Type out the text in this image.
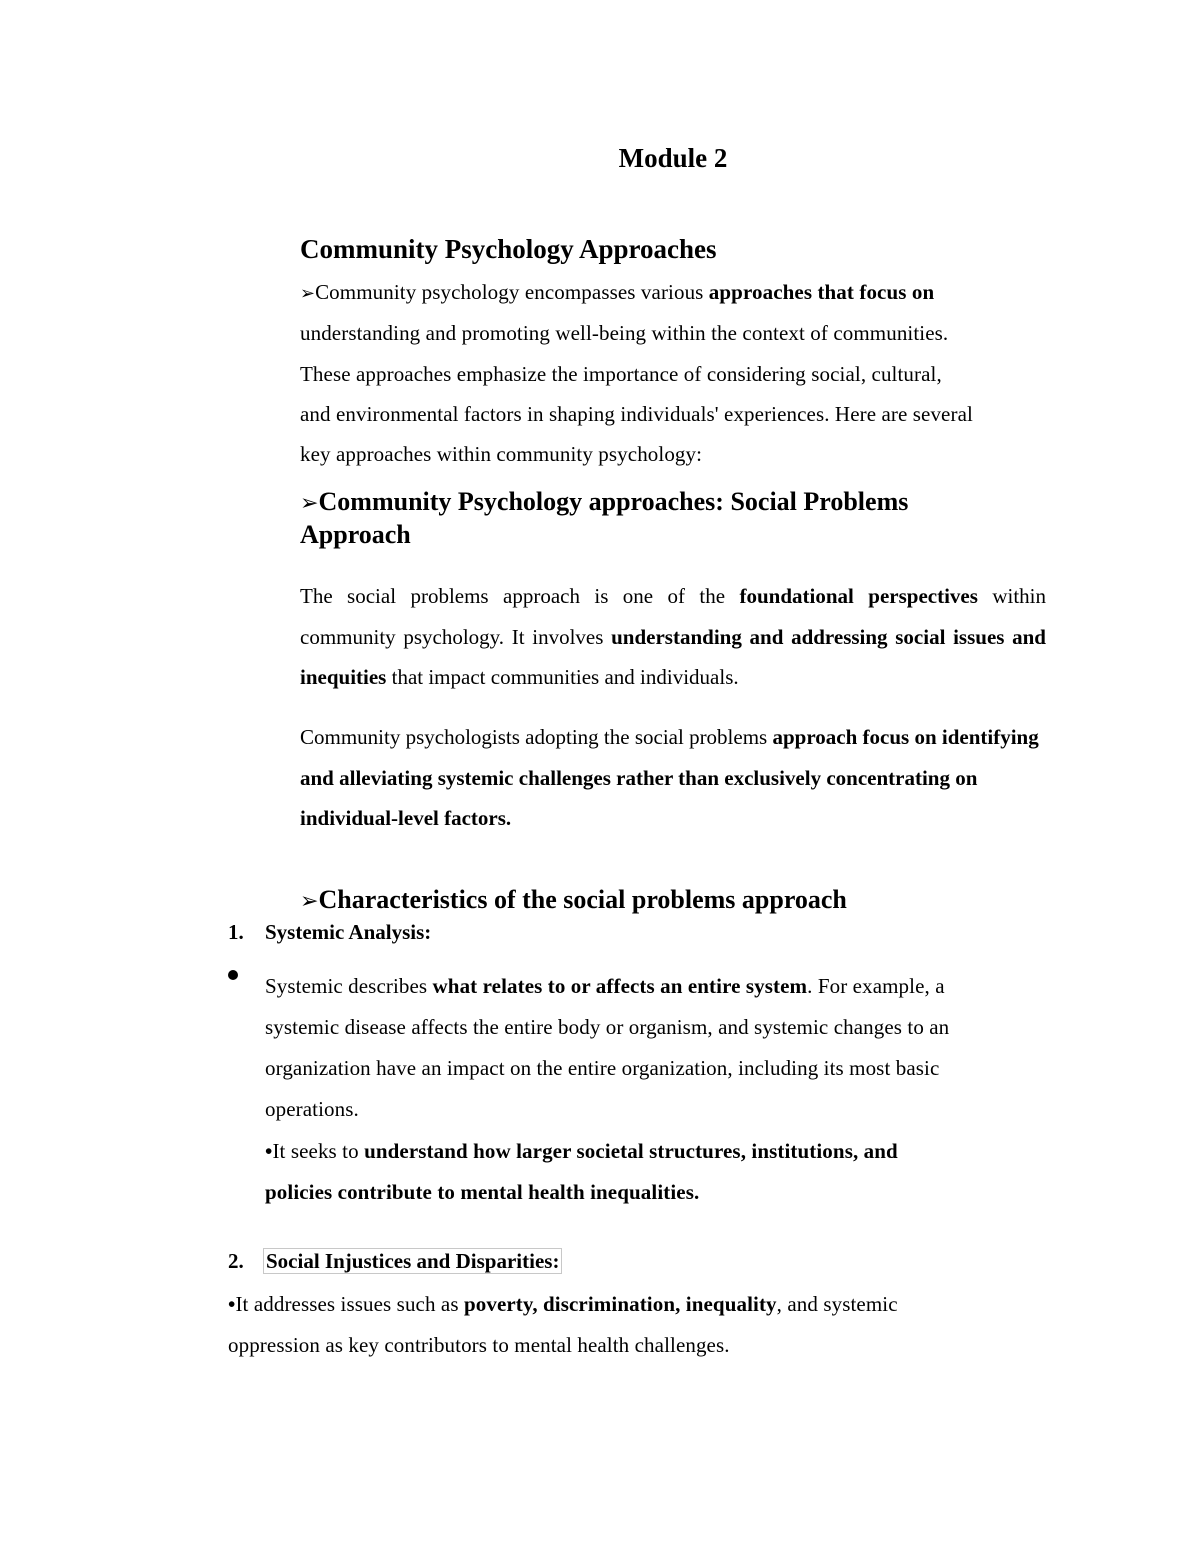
Module 2
Community Psychology Approaches
➢Community psychology encompasses various approaches that focus on
understanding and promoting well-being within the context of communities.
These approaches emphasize the importance of considering social, cultural,
and environmental factors in shaping individuals' experiences. Here are several
key approaches within community psychology:
➢Community Psychology approaches: Social Problems
Approach
The social problems approach is one of the foundational perspectives within community psychology. It involves understanding and addressing social issues and inequities that impact communities and individuals.
Community psychologists adopting the social problems approach focus on identifying and alleviating systemic challenges rather than exclusively concentrating on individual-level factors.
➢Characteristics of the social problems approach
1. Systemic Analysis:
Systemic describes what relates to or affects an entire system. For example, a
systemic disease affects the entire body or organism, and systemic changes to an
organization have an impact on the entire organization, including its most basic
operations.
•It seeks to understand how larger societal structures, institutions, and
policies contribute to mental health inequalities.
2. Social Injustices and Disparities:
•It addresses issues such as poverty, discrimination, inequality, and systemic
oppression as key contributors to mental health challenges.
